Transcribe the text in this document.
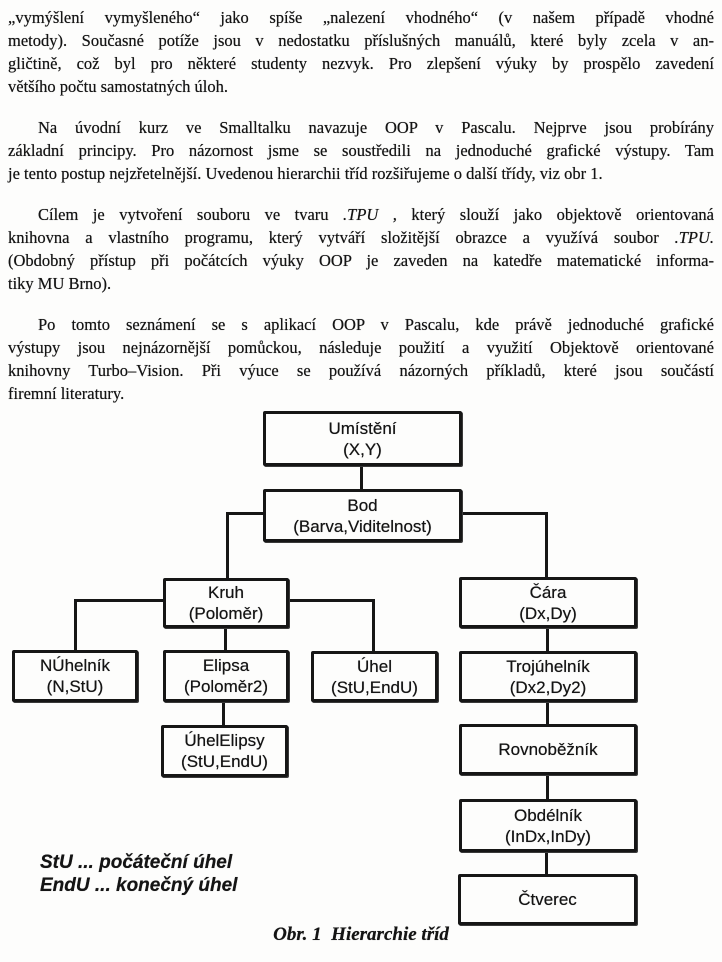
„vymýšlení vymyšleného“ jako spíše „nalezení vhodného“ (v našem případě vhodné
metody). Současné potíže jsou v nedostatku příslušných manuálů, které byly zcela v an-
gličtině, což byl pro některé studenty nezvyk. Pro zlepšení výuky by prospělo zavedení
většího počtu samostatných úloh.
Na úvodní kurz ve Smalltalku navazuje OOP v Pascalu. Nejprve jsou probírány
základní principy. Pro názornost jsme se soustředili na jednoduché grafické výstupy. Tam
je tento postup nejzřetelnější. Uvedenou hierarchii tříd rozšiřujeme o další třídy, viz obr 1.
Cílem je vytvoření souboru ve tvaru .TPU , který slouží jako objektově orientovaná
knihovna a vlastního programu, který vytváří složitější obrazce a využívá soubor .TPU.
(Obdobný přístup při počátcích výuky OOP je zaveden na katedře matematické informa-
tiky MU Brno).
Po tomto seznámení se s aplikací OOP v Pascalu, kde právě jednoduché grafické
výstupy jsou nejnázornější pomůckou, následuje použití a využití Objektově orientované
knihovny Turbo–Vision. Při výuce se používá názorných příkladů, které jsou součástí
firemní literatury.
Umístění
(X,Y)
Bod
(Barva,Viditelnost)
Kruh
(Poloměr)
Čára
(Dx,Dy)
NÚhelník
(N,StU)
Elipsa
(Poloměr2)
Úhel
(StU,EndU)
Trojúhelník
(Dx2,Dy2)
ÚhelElipsy
(StU,EndU)
Rovnoběžník
Obdélník
(InDx,InDy)
Čtverec
StU ... počáteční úhel
EndU ... konečný úhel
Obr. 1  Hierarchie tříd
